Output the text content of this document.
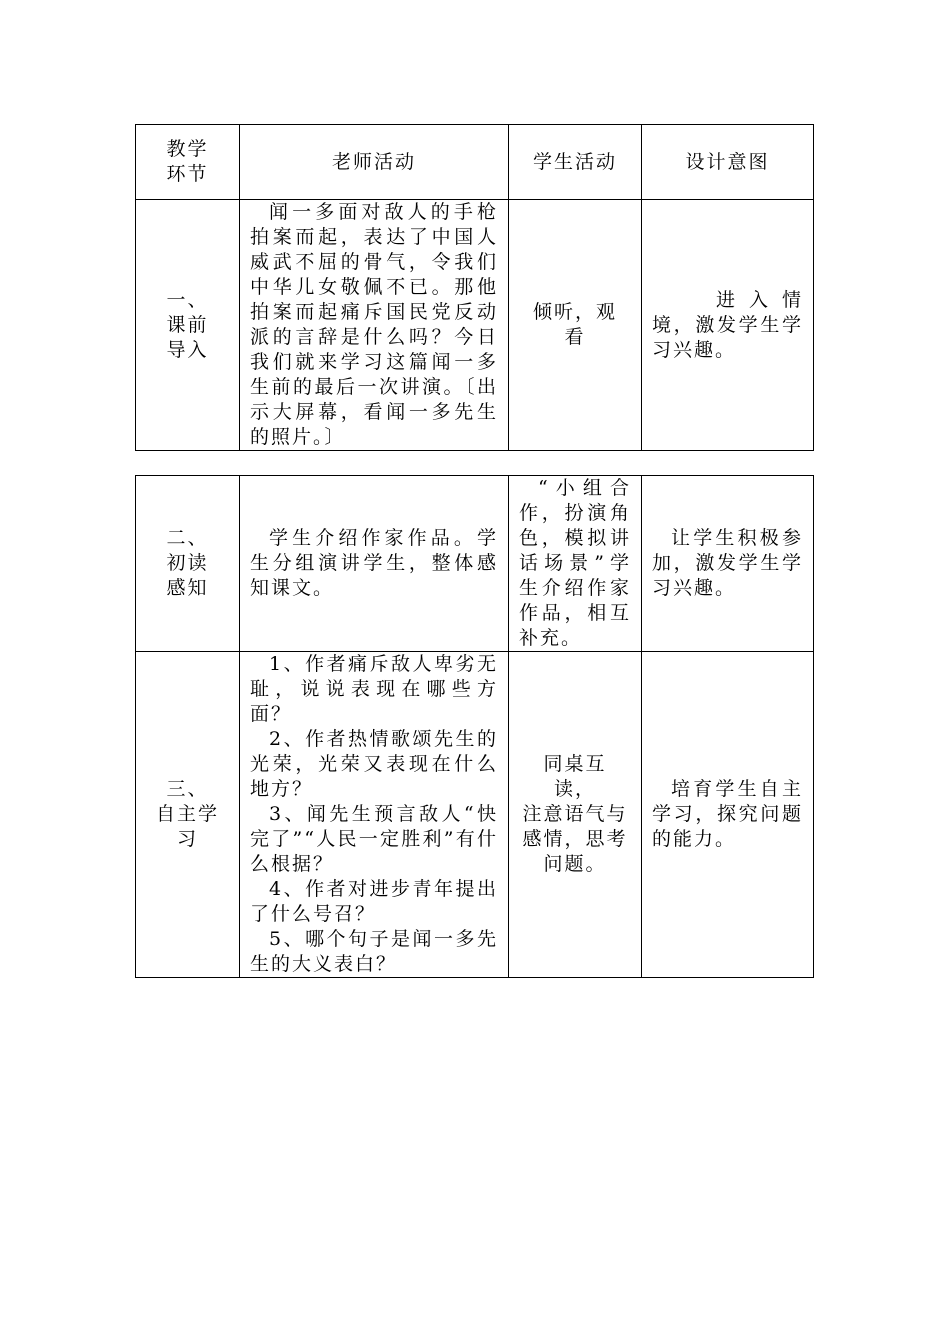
教学
环节	老师活动	学生活动	设计意图

一、
课前
导入	闻一多面对敌人的手枪拍案而起，表达了中国人威武不屈的骨气，令我们中华儿女敬佩不已。那他拍案而起痛斥国民党反动派的言辞是什么吗？今日我们就来学习这篇闻一多生前的最后一次讲演。〔出示大屏幕，看闻一多先生的照片。〕	倾听，观
看	进入情境，激发学生学习兴趣。
二、
初读
感知	学生介绍作家作品。学生分组演讲学生，整体感知课文。	“小组合作，扮演角色，模拟讲话场景”学生介绍作家作品，相互补充。	让学生积极参加，激发学生学习兴趣。

三、
自主学
习	1、作者痛斥敌人卑劣无耻，说说表现在哪些方面？
2、作者热情歌颂先生的光荣，光荣又表现在什么地方？
3、闻先生预言敌人“快完了”“人民一定胜利”有什么根据？
4、作者对进步青年提出了什么号召？
5、哪个句子是闻一多先生的大义表白？	同桌互
读，
注意语气与感情，思考问题。	培育学生自主学习，探究问题的能力。
